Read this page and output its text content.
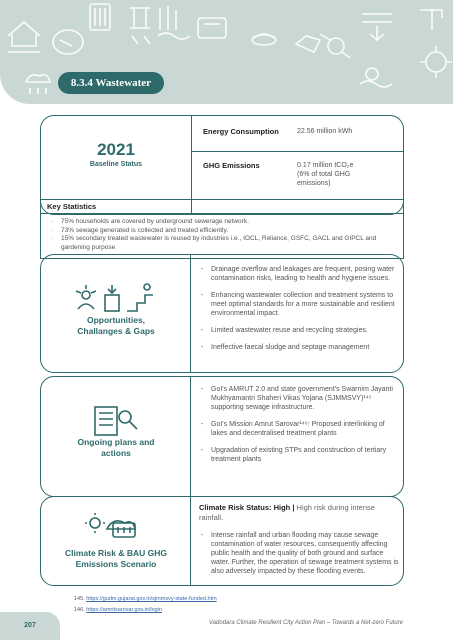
8.3.4 Wastewater
2021
Baseline Status
Energy Consumption	22.56 million kWh
GHG Emissions	0.17 million tCO₂e
(6% of total GHG
emissions)
Key Statistics
· 75% households are covered by underground sewerage network.
· 73% sewage generated is collected and treated efficiently.
· 15% secondary treated wastewater is reused by industries i.e., IOCL, Reliance, GSFC, GACL and GIPCL and gardening purpose
Opportunities,
Challanges & Gaps
- Drainage overflow and leakages are frequent, posing water contamination risks, leading to health and hygiene issues.
- Enhancing wastewater collection and treatment systems to meet optimal standards for a more sustainable and resilient environmental impact.
- Limited wastewater reuse and recycling strategies.
- Ineffective faecal sludge and septage management
Ongoing plans and
actions
- GoI's AMRUT 2.0 and state government's Swarnim Jayanti Mukhyamantri Shaheri Vikas Yojana (SJMMSVY)¹⁴⁵ supporting sewage infrastructure.
- GoI's Mission Amrut Sarovar¹⁴⁶: Proposed interlinking of lakes and decentralised treatment plants
- Upgradation of existing STPs and construction of tertiary treatment plants
Climate Risk & BAU GHG
Emissions Scenario
Climate Risk Status: High | High risk during intense rainfall.
- Intense rainfall and urban flooding may cause sewage contamination of water resources, consequently affecting public health and the quality of both ground and surface water. Further, the operation of sewage treatment systems is also adversely impacted by these flooding events.
145. https://gudm.gujarat.gov.in/sjmmsvy-state-funded.htm
146. https://amritsarovar.gov.in/login
207	Vadodara Climate Resilient City Action Plan – Towards a Net-zero Future
